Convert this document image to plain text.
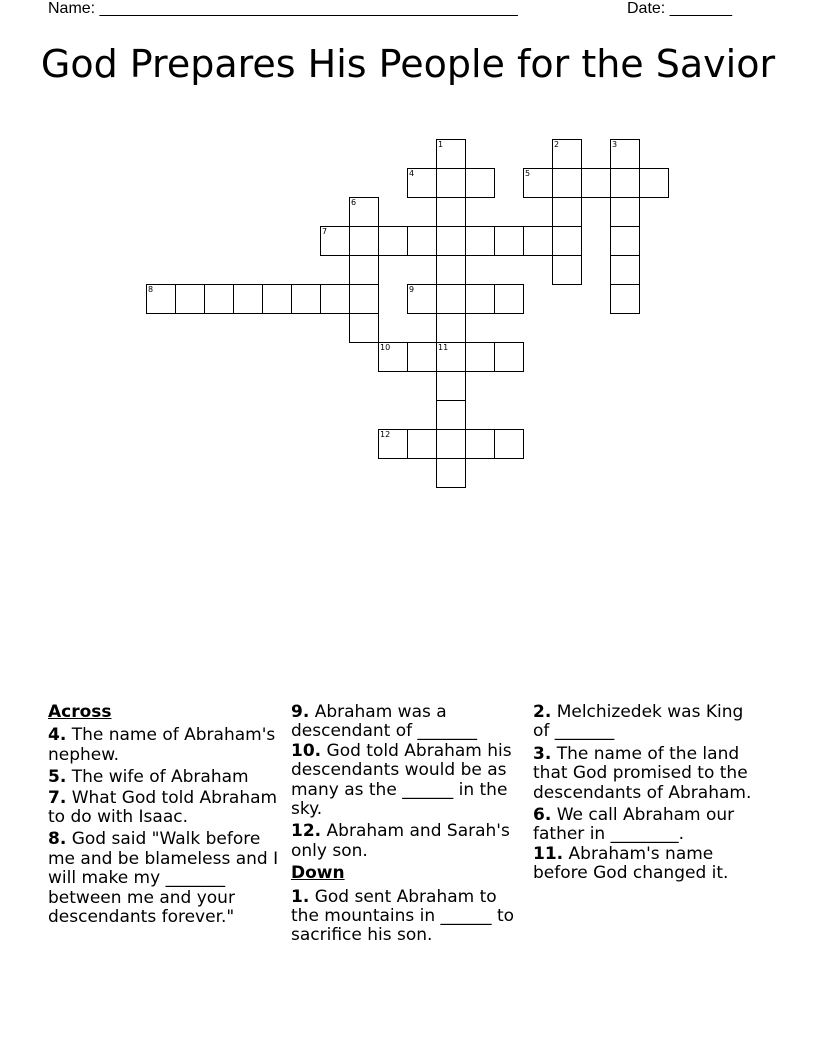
Name: _______________________________________________	Date: _______
God Prepares His People for the Savior
4	5
7
8	9
10	11
12
1	2	3
6
Across

4. The name of Abraham's nephew.

5. The wife of Abraham

7. What God told Abraham to do with Isaac.

8. God said "Walk before me and be blameless and I will make my _______ between me and your descendants forever."

9. Abraham was a descendant of _______

10. God told Abraham his descendants would be as many as the ______ in the sky.

12. Abraham and Sarah's only son.

Down

1. God sent Abraham to the mountains in ______ to sacrifice his son.

2. Melchizedek was King of _______

3. The name of the land that God promised to the descendants of Abraham.

6. We call Abraham our father in ________.

11. Abraham's name before God changed it.
